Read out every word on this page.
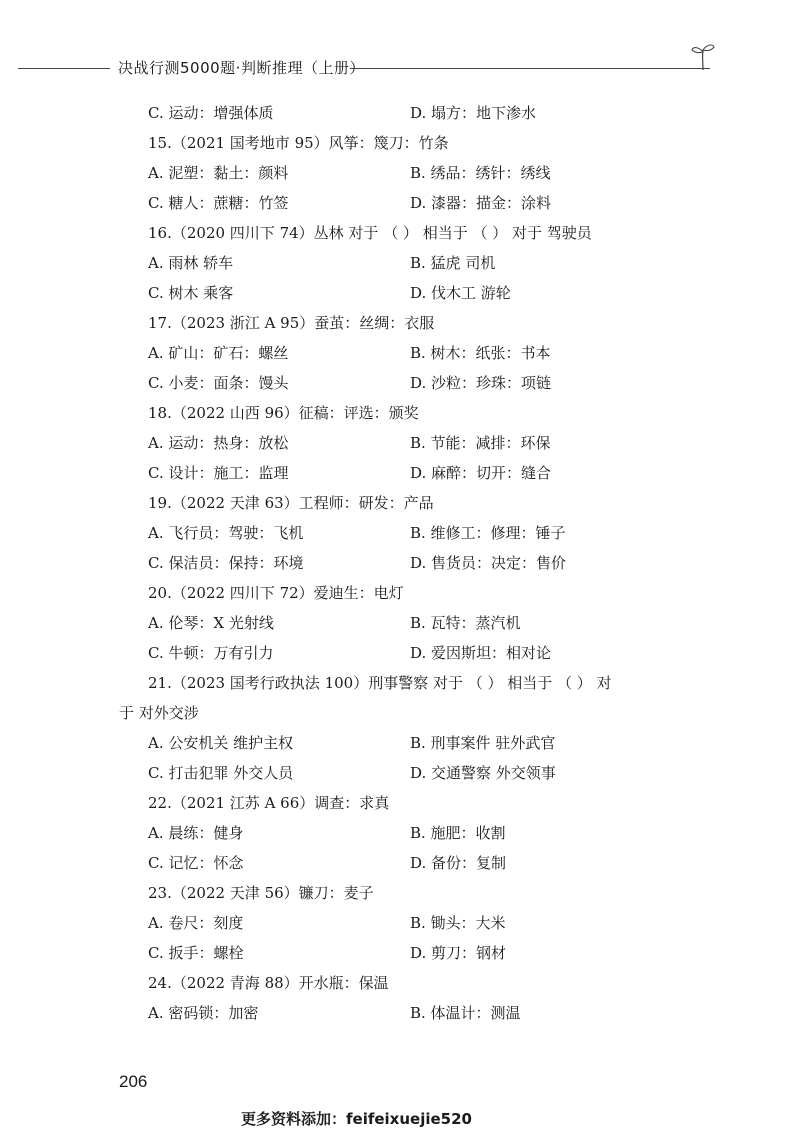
决战行测5000题·判断推理（上册）
C. 运动：增强体质	D. 塌方：地下渗水
15.（2021 国考地市 95）风筝：篾刀：竹条
A. 泥塑：黏土：颜料	B. 绣品：绣针：绣线
C. 糖人：蔗糖：竹签	D. 漆器：描金：涂料
16.（2020 四川下 74）丛林 对于 （ ） 相当于 （ ） 对于 驾驶员
A. 雨林 轿车	B. 猛虎 司机
C. 树木 乘客	D. 伐木工 游轮
17.（2023 浙江 A 95）蚕茧：丝绸：衣服
A. 矿山：矿石：螺丝	B. 树木：纸张：书本
C. 小麦：面条：馒头	D. 沙粒：珍珠：项链
18.（2022 山西 96）征稿：评选：颁奖
A. 运动：热身：放松	B. 节能：减排：环保
C. 设计：施工：监理	D. 麻醉：切开：缝合
19.（2022 天津 63）工程师：研发：产品
A. 飞行员：驾驶：飞机	B. 维修工：修理：锤子
C. 保洁员：保持：环境	D. 售货员：决定：售价
20.（2022 四川下 72）爱迪生：电灯
A. 伦琴：X 光射线	B. 瓦特：蒸汽机
C. 牛顿：万有引力	D. 爱因斯坦：相对论
21.（2023 国考行政执法 100）刑事警察 对于 （ ） 相当于 （ ） 对
于 对外交涉
A. 公安机关 维护主权	B. 刑事案件 驻外武官
C. 打击犯罪 外交人员	D. 交通警察 外交领事
22.（2021 江苏 A 66）调查：求真
A. 晨练：健身	B. 施肥：收割
C. 记忆：怀念	D. 备份：复制
23.（2022 天津 56）镰刀：麦子
A. 卷尺：刻度	B. 锄头：大米
C. 扳手：螺栓	D. 剪刀：钢材
24.（2022 青海 88）开水瓶：保温
A. 密码锁：加密	B. 体温计：测温
206
更多资料添加：feifeixuejie520
